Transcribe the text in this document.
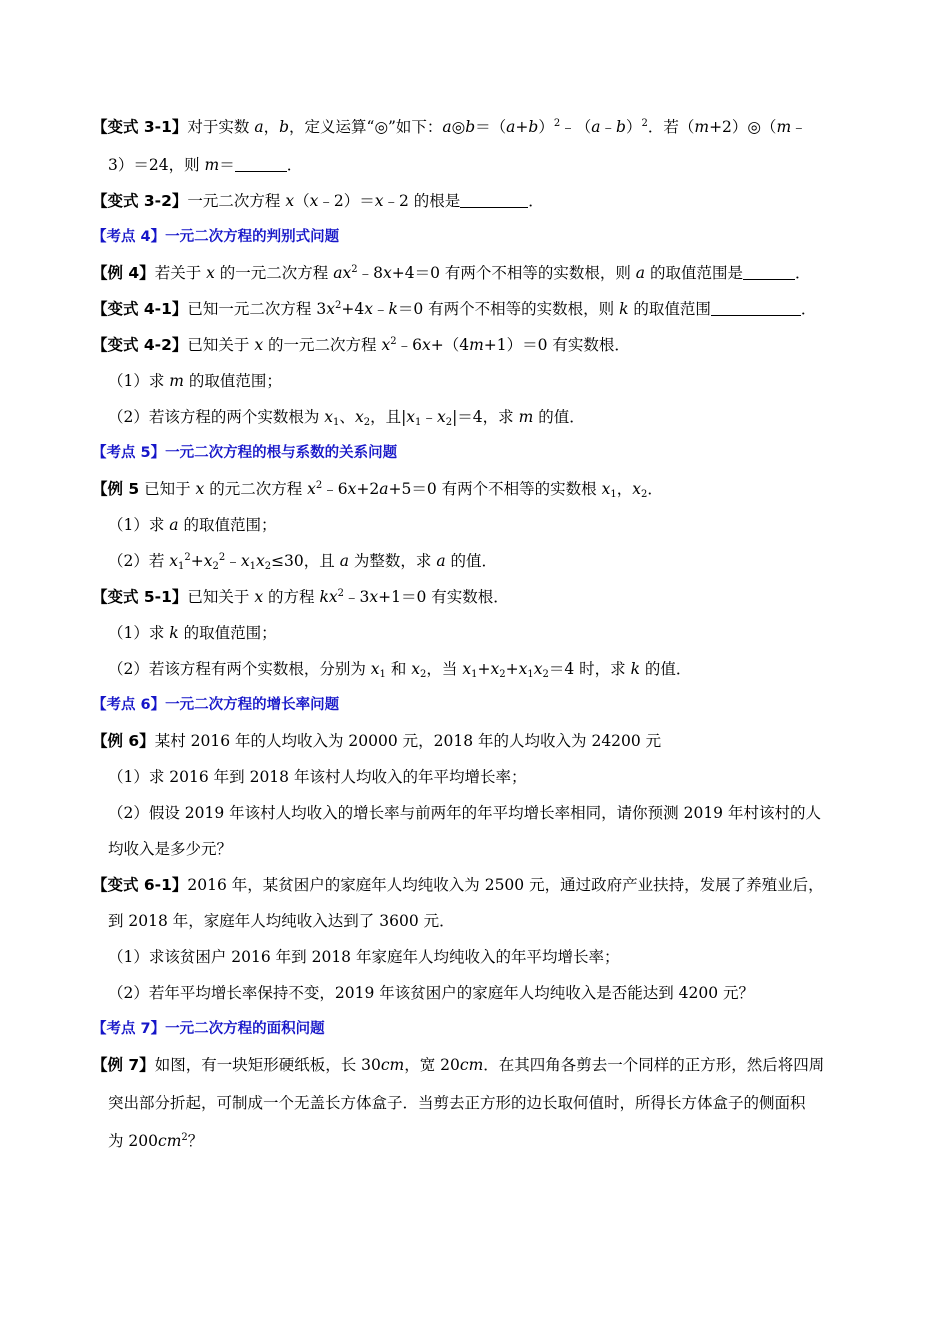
【变式 3-1】对于实数 a，b，定义运算“◎”如下：$a◎b=(a+b)^2﹣(a﹣b)^2$．若（m+2）◎（m﹣
3）＝24，则 m＝	．
【变式 3-2】一元二次方程 x（x﹣2）＝x﹣2 的根是	．
【考点 4】一元二次方程的判别式问题
【例 4】若关于 x 的一元二次方程 $ax^2﹣8x+4=0$ 有两个不相等的实数根，则 a 的取值范围是	．
【变式 4-1】已知一元二次方程 $3x^2+4x﹣k=0$ 有两个不相等的实数根，则 k 的取值范围	．
【变式 4-2】已知关于 x 的一元二次方程 $x^2﹣6x+(4m+1)=0$ 有实数根．
（1）求 m 的取值范围；
（2）若该方程的两个实数根为 $x_1$、$x_2$，且$|x_1﹣x_2|=4$，求 m 的值．
【考点 5】一元二次方程的根与系数的关系问题
【例 5 已知于 x 的元二次方程 $x^2﹣6x+2a+5=0$ 有两个不相等的实数根 $x_1$，$x_2$．
（1）求 a 的取值范围；
（2）若 $x_1^2+x_2^2﹣x_1x_2\le 30$，且 a 为整数，求 a 的值．
【变式 5-1】已知关于 x 的方程 $kx^2﹣3x+1=0$ 有实数根．
（1）求 k 的取值范围；
（2）若该方程有两个实数根，分别为 $x_1$ 和 $x_2$，当 $x_1+x_2+x_1x_2=4$ 时，求 k 的值．
【考点 6】一元二次方程的增长率问题
【例 6】某村 2016 年的人均收入为 20000 元，2018 年的人均收入为 24200 元
（1）求 2016 年到 2018 年该村人均收入的年平均增长率；
（2）假设 2019 年该村人均收入的增长率与前两年的年平均增长率相同，请你预测 2019 年村该村的人
均收入是多少元？
【变式 6-1】2016 年，某贫困户的家庭年人均纯收入为 2500 元，通过政府产业扶持，发展了养殖业后，
到 2018 年，家庭年人均纯收入达到了 3600 元．
（1）求该贫困户 2016 年到 2018 年家庭年人均纯收入的年平均增长率；
（2）若年平均增长率保持不变，2019 年该贫困户的家庭年人均纯收入是否能达到 4200 元？
【考点 7】一元二次方程的面积问题
【例 7】如图，有一块矩形硬纸板，长 30cm，宽 20cm．在其四角各剪去一个同样的正方形，然后将四周
突出部分折起，可制成一个无盖长方体盒子．当剪去正方形的边长取何值时，所得长方体盒子的侧面积
为 $200cm^2$？
